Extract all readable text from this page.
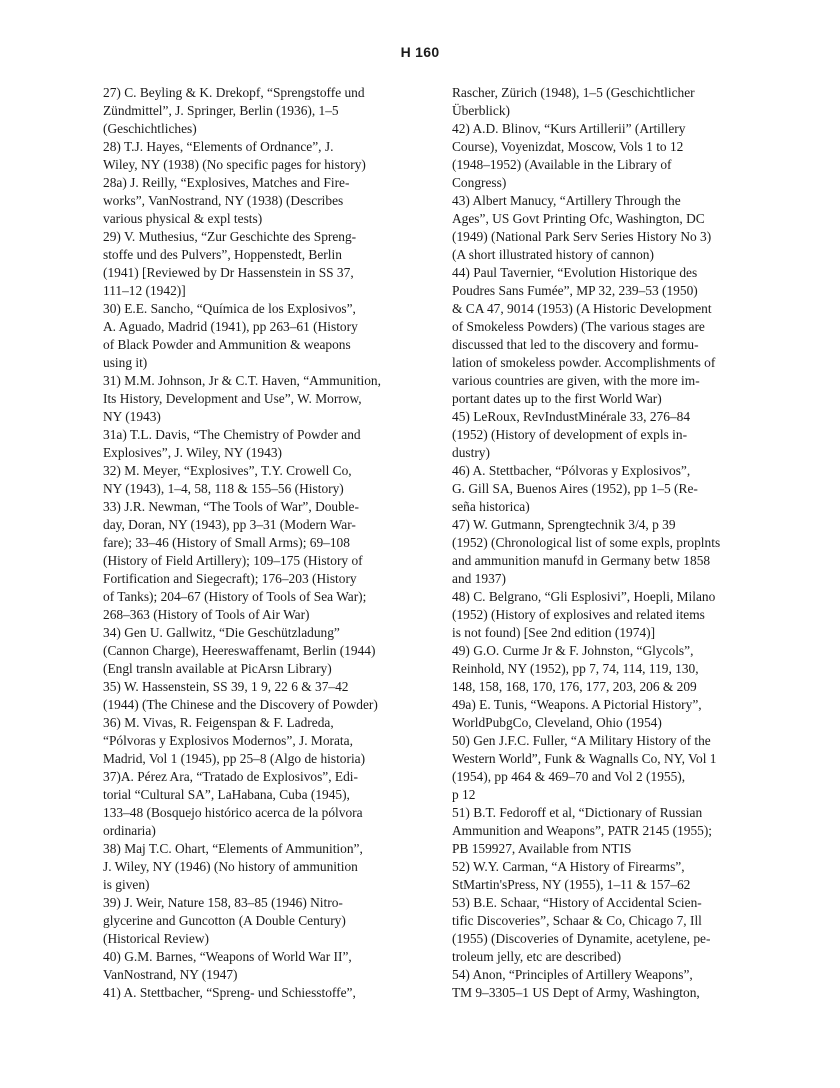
H 160
27) C. Beyling & K. Drekopf, “Sprengstoffe und
Zündmittel”, J. Springer, Berlin (1936), 1–5
(Geschichtliches)
28) T.J. Hayes, “Elements of Ordnance”, J.
Wiley, NY (1938) (No specific pages for history)
28a) J. Reilly, “Explosives, Matches and Fire-
works”, VanNostrand, NY (1938) (Describes
various physical & expl tests)
29) V. Muthesius, “Zur Geschichte des Spreng-
stoffe und des Pulvers”, Hoppenstedt, Berlin
(1941) [Reviewed by Dr Hassenstein in SS 37,
111–12 (1942)]
30) E.E. Sancho, “Química de los Explosivos”,
A. Aguado, Madrid (1941), pp 263–61 (History
of Black Powder and Ammunition & weapons
using it)
31) M.M. Johnson, Jr & C.T. Haven, “Ammunition,
Its History, Development and Use”, W. Morrow,
NY (1943)
31a) T.L. Davis, “The Chemistry of Powder and
Explosives”, J. Wiley, NY (1943)
32) M. Meyer, “Explosives”, T.Y. Crowell Co,
NY (1943), 1–4, 58, 118 & 155–56 (History)
33) J.R. Newman, “The Tools of War”, Double-
day, Doran, NY (1943), pp 3–31 (Modern War-
fare); 33–46 (History of Small Arms); 69–108
(History of Field Artillery); 109–175 (History of
Fortification and Siegecraft); 176–203 (History
of Tanks); 204–67 (History of Tools of Sea War);
268–363 (History of Tools of Air War)
34) Gen U. Gallwitz, “Die Geschützladung”
(Cannon Charge), Heereswaffenamt, Berlin (1944)
(Engl transln available at PicArsn Library)
35) W. Hassenstein, SS 39, 1 9, 22 6 & 37–42
(1944) (The Chinese and the Discovery of Powder)
36) M. Vivas, R. Feigenspan & F. Ladreda,
“Pólvoras y Explosivos Modernos”, J. Morata,
Madrid, Vol 1 (1945), pp 25–8 (Algo de historia)
37)A. Pérez Ara, “Tratado de Explosivos”, Edi-
torial “Cultural SA”, LaHabana, Cuba (1945),
133–48 (Bosquejo histórico acerca de la pólvora
ordinaria)
38) Maj T.C. Ohart, “Elements of Ammunition”,
J. Wiley, NY (1946) (No history of ammunition
is given)
39) J. Weir, Nature 158, 83–85 (1946) Nitro-
glycerine and Guncotton (A Double Century)
(Historical Review)
40) G.M. Barnes, “Weapons of World War II”,
VanNostrand, NY (1947)
41) A. Stettbacher, “Spreng- und Schiesstoffe”,
Rascher, Zürich (1948), 1–5 (Geschichtlicher
Überblick)
42) A.D. Blinov, “Kurs Artillerii” (Artillery
Course), Voyenizdat, Moscow, Vols 1 to 12
(1948–1952) (Available in the Library of
Congress)
43) Albert Manucy, “Artillery Through the
Ages”, US Govt Printing Ofc, Washington, DC
(1949) (National Park Serv Series History No 3)
(A short illustrated history of cannon)
44) Paul Tavernier, “Evolution Historique des
Poudres Sans Fumée”, MP 32, 239–53 (1950)
& CA 47, 9014 (1953) (A Historic Development
of Smokeless Powders) (The various stages are
discussed that led to the discovery and formu-
lation of smokeless powder. Accomplishments of
various countries are given, with the more im-
portant dates up to the first World War)
45) LeRoux, RevIndustMinérale 33, 276–84
(1952) (History of development of expls in-
dustry)
46) A. Stettbacher, “Pólvoras y Explosivos”,
G. Gill SA, Buenos Aires (1952), pp 1–5 (Re-
seña historica)
47) W. Gutmann, Sprengtechnik 3/4, p 39
(1952) (Chronological list of some expls, proplnts
and ammunition manufd in Germany betw 1858
and 1937)
48) C. Belgrano, “Gli Esplosivi”, Hoepli, Milano
(1952) (History of explosives and related items
is not found) [See 2nd edition (1974)]
49) G.O. Curme Jr & F. Johnston, “Glycols”,
Reinhold, NY (1952), pp 7, 74, 114, 119, 130,
148, 158, 168, 170, 176, 177, 203, 206 & 209
49a) E. Tunis, “Weapons. A Pictorial History”,
WorldPubgCo, Cleveland, Ohio (1954)
50) Gen J.F.C. Fuller, “A Military History of the
Western World”, Funk & Wagnalls Co, NY, Vol 1
(1954), pp 464 & 469–70 and Vol 2 (1955),
p 12
51) B.T. Fedoroff et al, “Dictionary of Russian
Ammunition and Weapons”, PATR 2145 (1955);
PB 159927, Available from NTIS
52) W.Y. Carman, “A History of Firearms”,
StMartin'sPress, NY (1955), 1–11 & 157–62
53) B.E. Schaar, “History of Accidental Scien-
tific Discoveries”, Schaar & Co, Chicago 7, Ill
(1955) (Discoveries of Dynamite, acetylene, pe-
troleum jelly, etc are described)
54) Anon, “Principles of Artillery Weapons”,
TM 9–3305–1 US Dept of Army, Washington,
